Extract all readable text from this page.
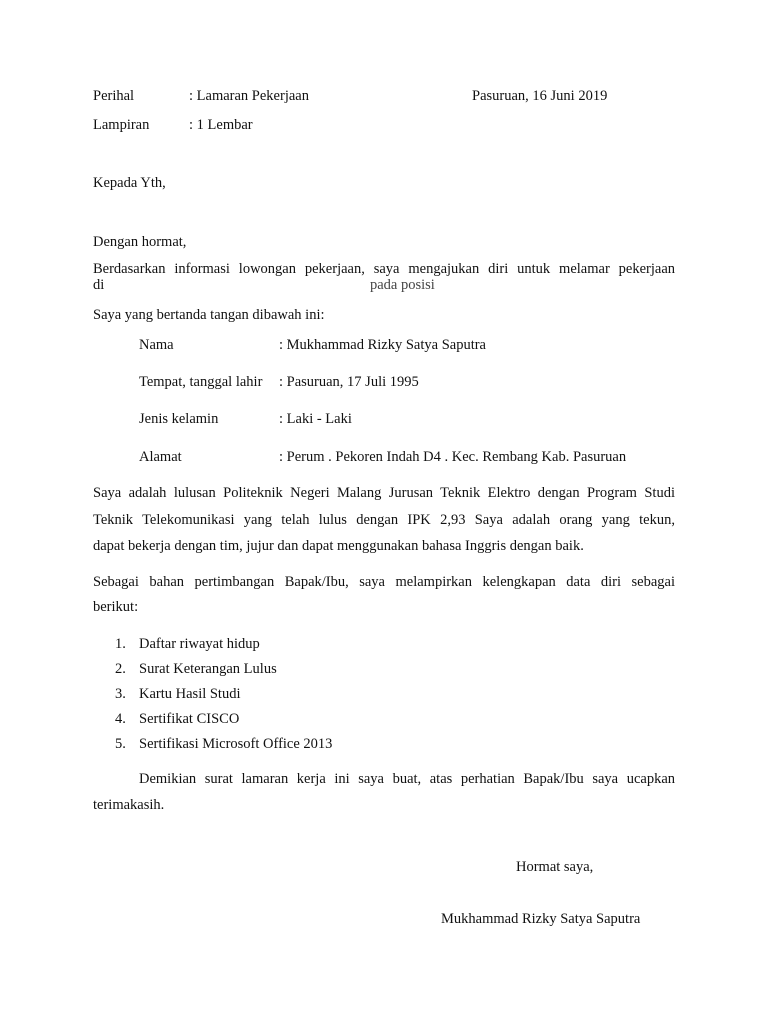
Perihal	: Lamaran Pekerjaan	Pasuruan, 16 Juni 2019
Lampiran	: 1 Lembar
Kepada Yth,
Dengan hormat,
Berdasarkan informasi lowongan pekerjaan, saya mengajukan diri untuk melamar pekerjaan
di	pada posisi
Saya yang bertanda tangan dibawah ini:
Nama	: Mukhammad Rizky Satya Saputra
Tempat, tanggal lahir : Pasuruan, 17 Juli 1995
Jenis kelamin	: Laki - Laki
Alamat	: Perum . Pekoren Indah D4 . Kec. Rembang Kab. Pasuruan
Saya adalah lulusan Politeknik Negeri Malang Jurusan Teknik Elektro dengan Program Studi
Teknik Telekomunikasi yang telah lulus dengan IPK 2,93 Saya adalah orang yang tekun,
dapat bekerja dengan tim, jujur dan dapat menggunakan bahasa Inggris dengan baik.
Sebagai bahan pertimbangan Bapak/Ibu, saya melampirkan kelengkapan data diri sebagai
berikut:
1. Daftar riwayat hidup
2. Surat Keterangan Lulus
3. Kartu Hasil Studi
4. Sertifikat CISCO
5. Sertifikasi Microsoft Office 2013
Demikian surat lamaran kerja ini saya buat, atas perhatian Bapak/Ibu saya ucapkan
terimakasih.
Hormat saya,
Mukhammad Rizky Satya Saputra
